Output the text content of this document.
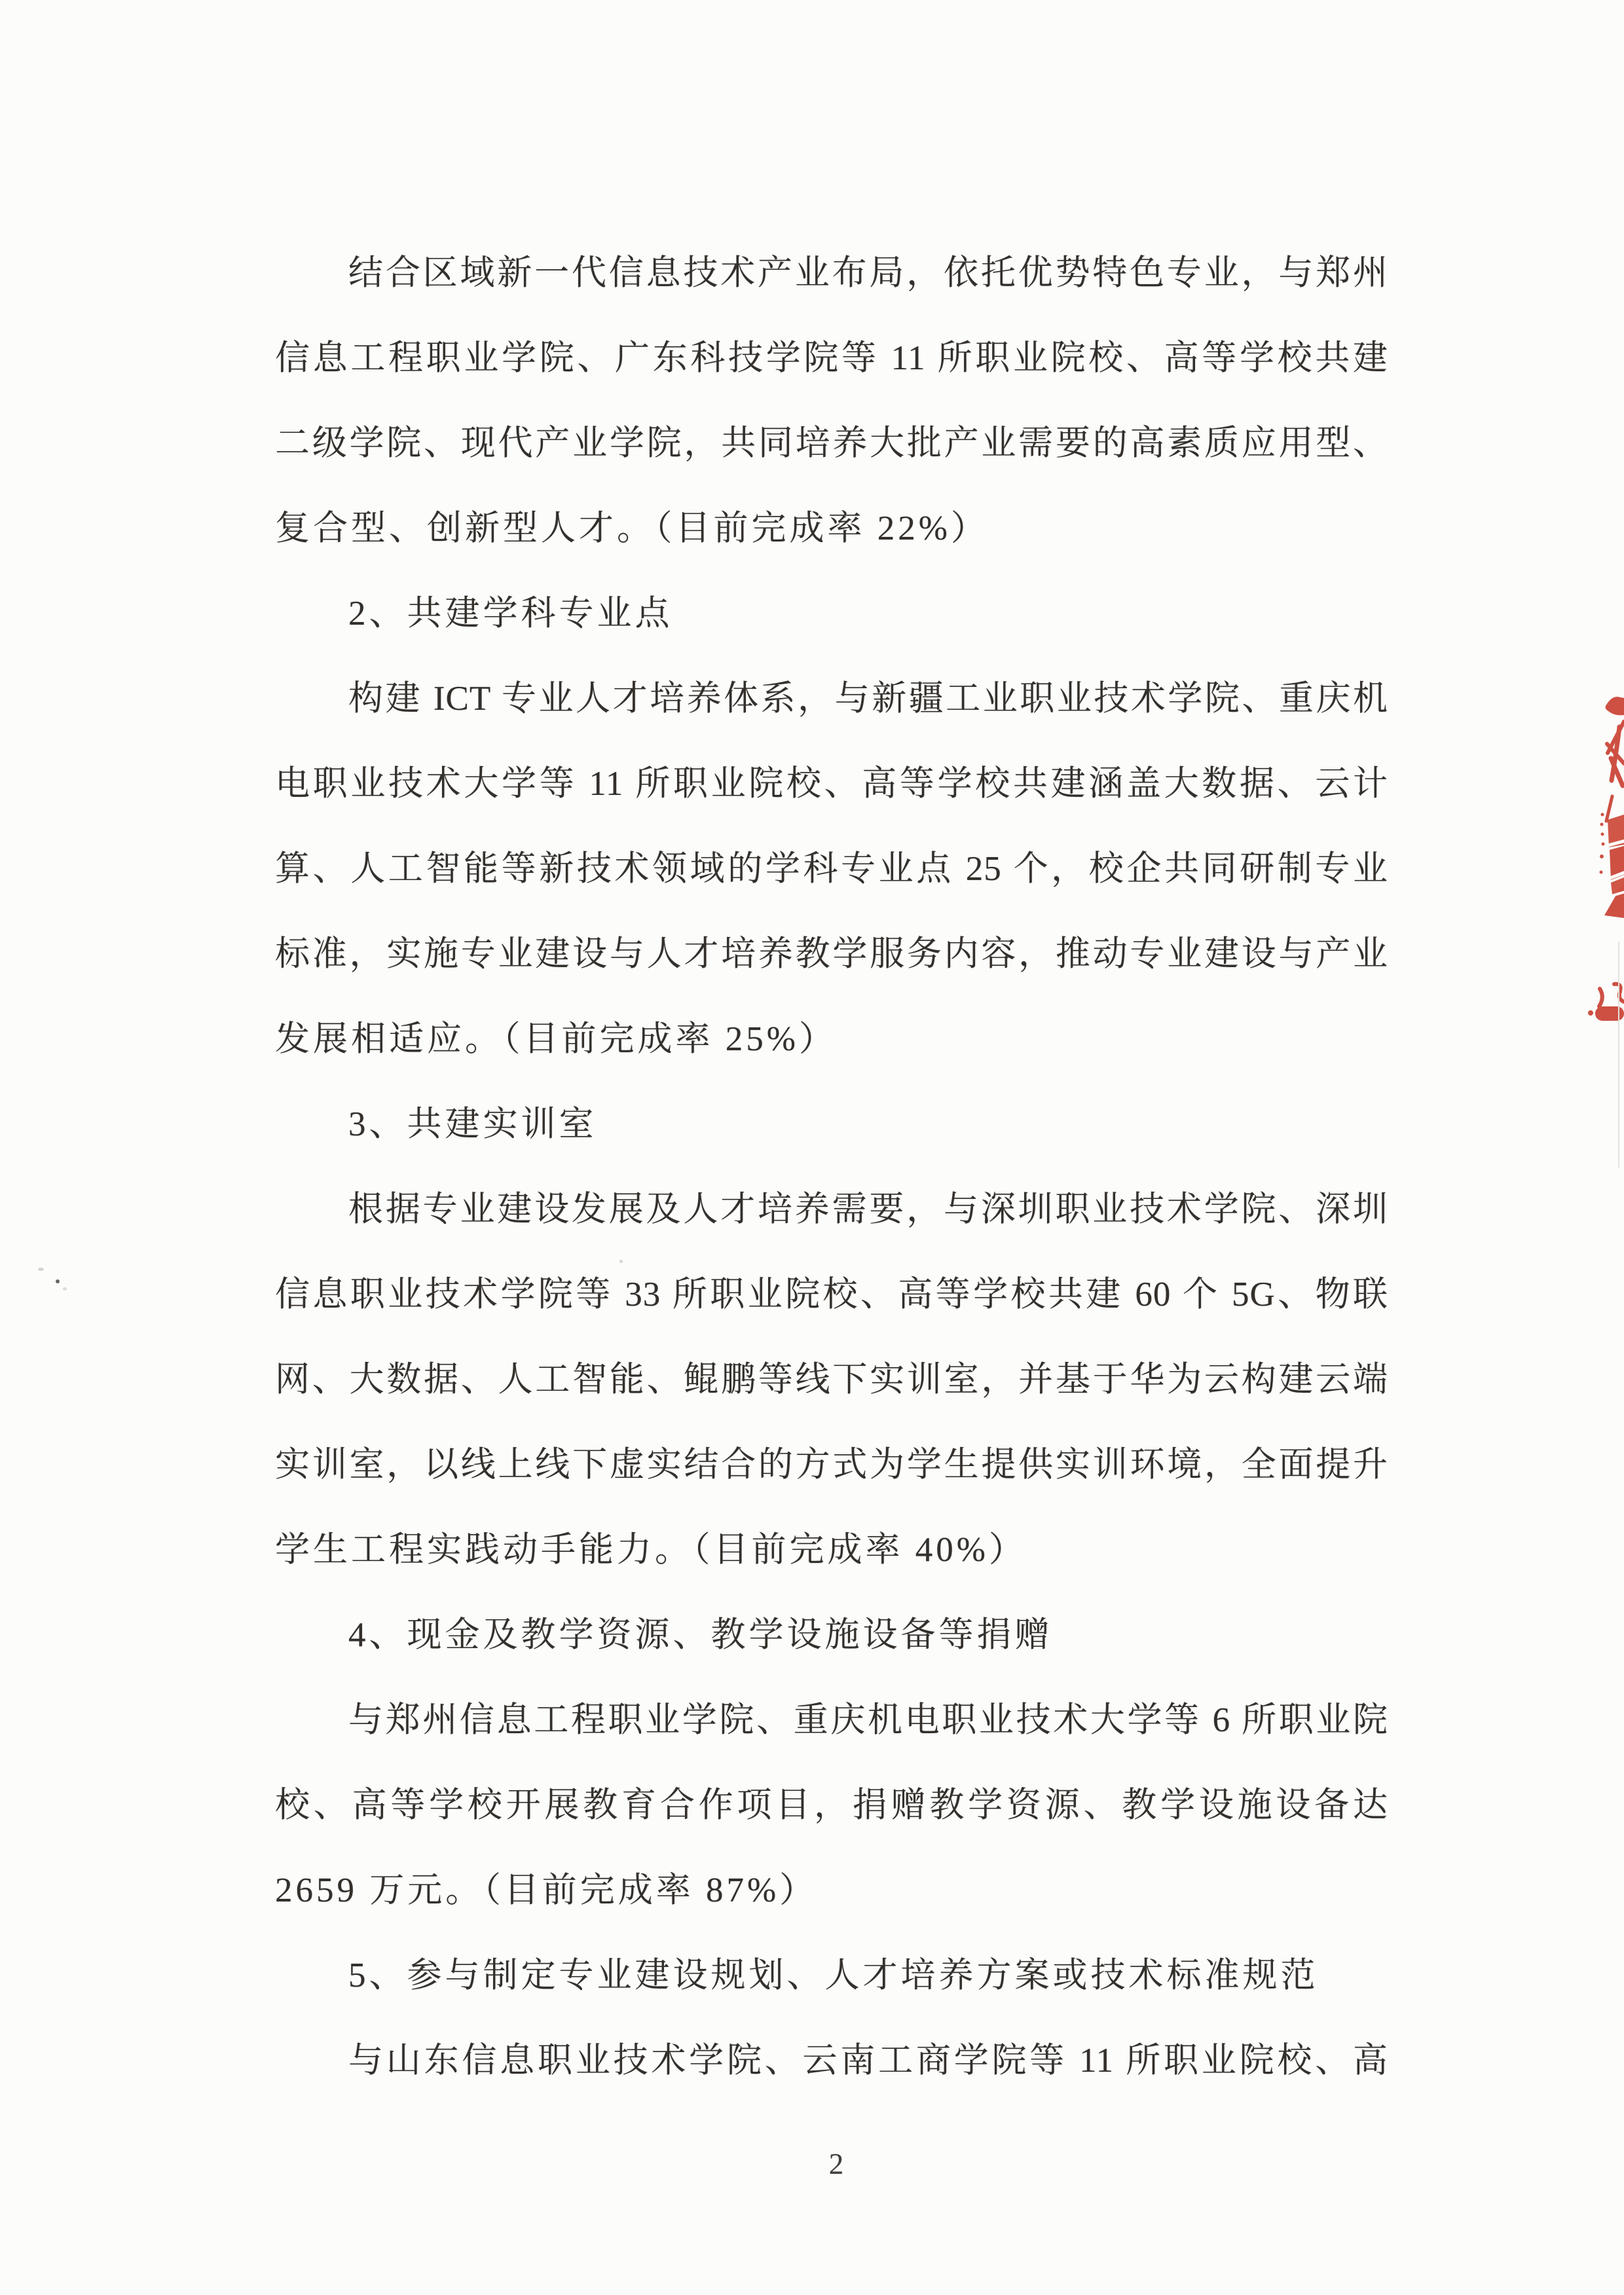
结合区域新一代信息技术产业布局，依托优势特色专业，与郑州
信息工程职业学院、广东科技学院等 11 所职业院校、高等学校共建
二级学院、现代产业学院，共同培养大批产业需要的高素质应用型、
复合型、创新型人才。（目前完成率 22%）
2、共建学科专业点
构建 ICT 专业人才培养体系，与新疆工业职业技术学院、重庆机
电职业技术大学等 11 所职业院校、高等学校共建涵盖大数据、云计
算、人工智能等新技术领域的学科专业点 25 个，校企共同研制专业
标准，实施专业建设与人才培养教学服务内容，推动专业建设与产业
发展相适应。（目前完成率 25%）
3、共建实训室
根据专业建设发展及人才培养需要，与深圳职业技术学院、深圳
信息职业技术学院等 33 所职业院校、高等学校共建 60 个 5G、物联
网、大数据、人工智能、鲲鹏等线下实训室，并基于华为云构建云端
实训室，以线上线下虚实结合的方式为学生提供实训环境，全面提升
学生工程实践动手能力。（目前完成率 40%）
4、现金及教学资源、教学设施设备等捐赠
与郑州信息工程职业学院、重庆机电职业技术大学等 6 所职业院
校、高等学校开展教育合作项目，捐赠教学资源、教学设施设备达
2659 万元。（目前完成率 87%）
5、参与制定专业建设规划、人才培养方案或技术标准规范
与山东信息职业技术学院、云南工商学院等 11 所职业院校、高
2
